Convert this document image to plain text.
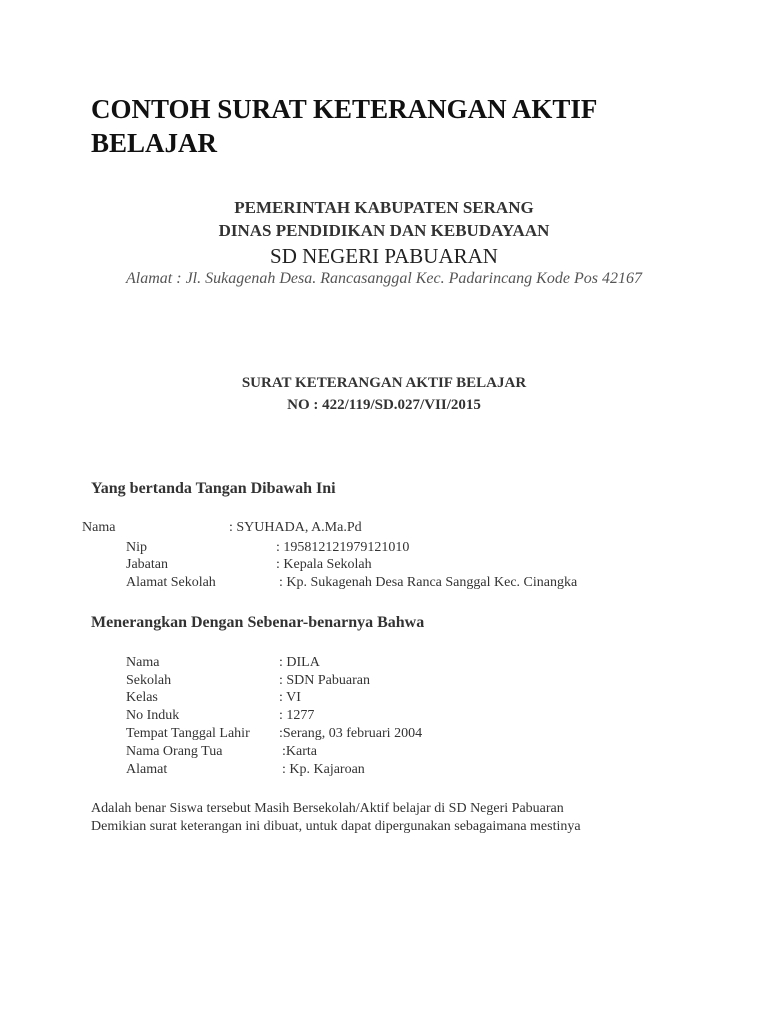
CONTOH SURAT KETERANGAN AKTIF BELAJAR
PEMERINTAH KABUPATEN SERANG
DINAS PENDIDIKAN DAN KEBUDAYAAN
SD NEGERI PABUARAN
Alamat : Jl. Sukagenah Desa. Rancasanggal Kec. Padarincang Kode Pos 42167
SURAT KETERANGAN AKTIF BELAJAR
NO : 422/119/SD.027/VII/2015
Yang bertanda Tangan Dibawah Ini
Nama	: SYUHADA, A.Ma.Pd
Nip	: 195812121979121010
Jabatan	: Kepala Sekolah
Alamat Sekolah	: Kp. Sukagenah Desa Ranca Sanggal Kec. Cinangka
Menerangkan Dengan Sebenar-benarnya Bahwa
Nama	: DILA
Sekolah	: SDN Pabuaran
Kelas	: VI
No Induk	: 1277
Tempat Tanggal Lahir :Serang, 03 februari 2004
Nama Orang Tua	:Karta
Alamat	: Kp. Kajaroan
Adalah benar Siswa tersebut Masih Bersekolah/Aktif belajar di SD Negeri Pabuaran
Demikian surat keterangan ini dibuat, untuk dapat dipergunakan sebagaimana mestinya
